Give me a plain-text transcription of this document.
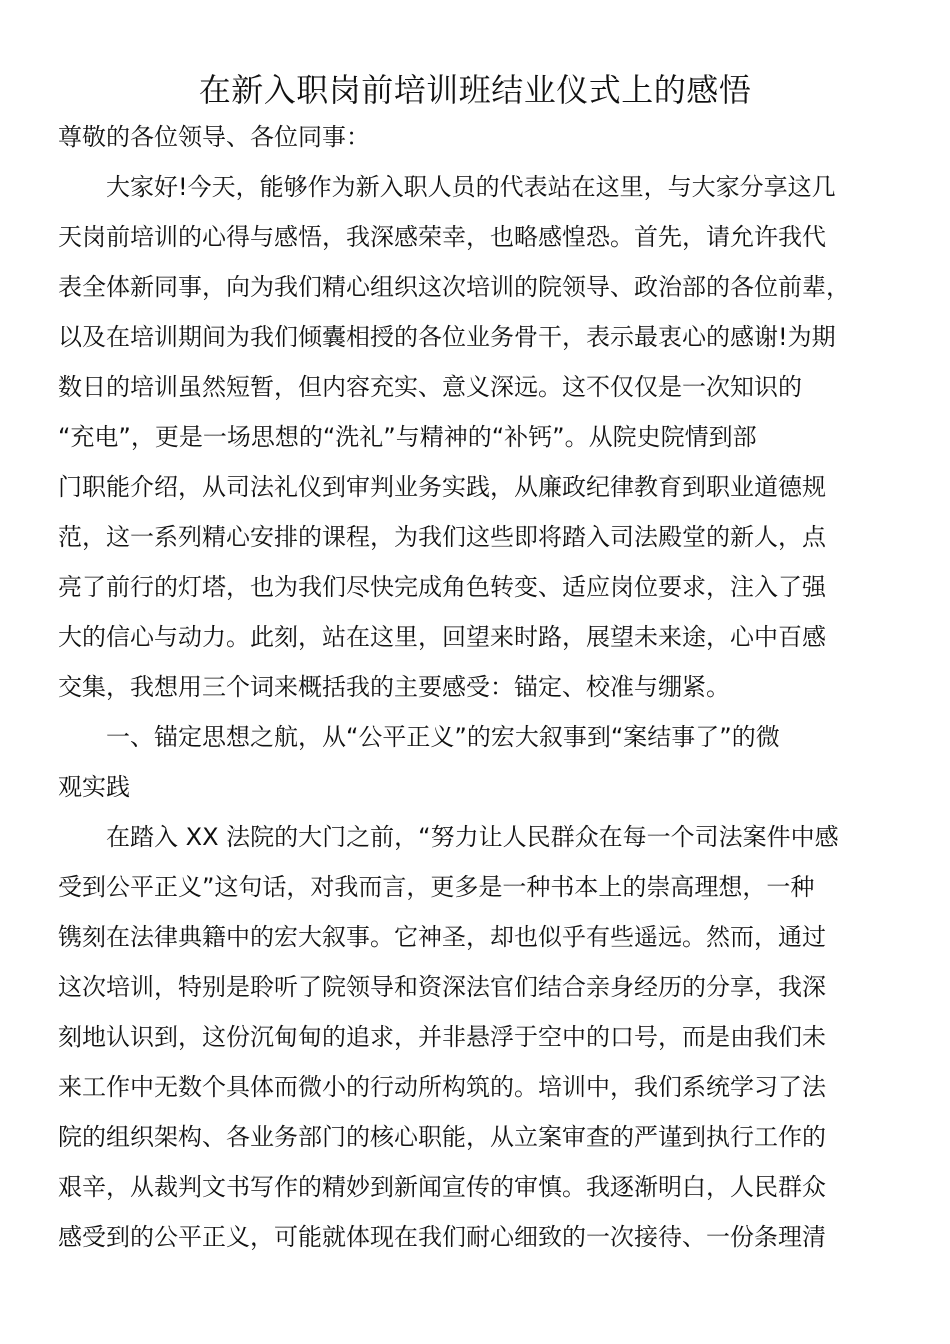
在新入职岗前培训班结业仪式上的感悟
尊敬的各位领导、各位同事：
大家好!今天，能够作为新入职人员的代表站在这里，与大家分享这几
天岗前培训的心得与感悟，我深感荣幸，也略感惶恐。首先，请允许我代
表全体新同事，向为我们精心组织这次培训的院领导、政治部的各位前辈，
以及在培训期间为我们倾囊相授的各位业务骨干，表示最衷心的感谢!为期
数日的培训虽然短暂，但内容充实、意义深远。这不仅仅是一次知识的
“充电”，更是一场思想的“洗礼”与精神的“补钙”。从院史院情到部
门职能介绍，从司法礼仪到审判业务实践，从廉政纪律教育到职业道德规
范，这一系列精心安排的课程，为我们这些即将踏入司法殿堂的新人，点
亮了前行的灯塔，也为我们尽快完成角色转变、适应岗位要求，注入了强
大的信心与动力。此刻，站在这里，回望来时路，展望未来途，心中百感
交集，我想用三个词来概括我的主要感受：锚定、校准与绷紧。
一、锚定思想之航，从“公平正义”的宏大叙事到“案结事了”的微
观实践
在踏入 XX 法院的大门之前，“努力让人民群众在每一个司法案件中感
受到公平正义”这句话，对我而言，更多是一种书本上的崇高理想，一种
镌刻在法律典籍中的宏大叙事。它神圣，却也似乎有些遥远。然而，通过
这次培训，特别是聆听了院领导和资深法官们结合亲身经历的分享，我深
刻地认识到，这份沉甸甸的追求，并非悬浮于空中的口号，而是由我们未
来工作中无数个具体而微小的行动所构筑的。培训中，我们系统学习了法
院的组织架构、各业务部门的核心职能，从立案审查的严谨到执行工作的
艰辛，从裁判文书写作的精妙到新闻宣传的审慎。我逐渐明白，人民群众
感受到的公平正义，可能就体现在我们耐心细致的一次接待、一份条理清
